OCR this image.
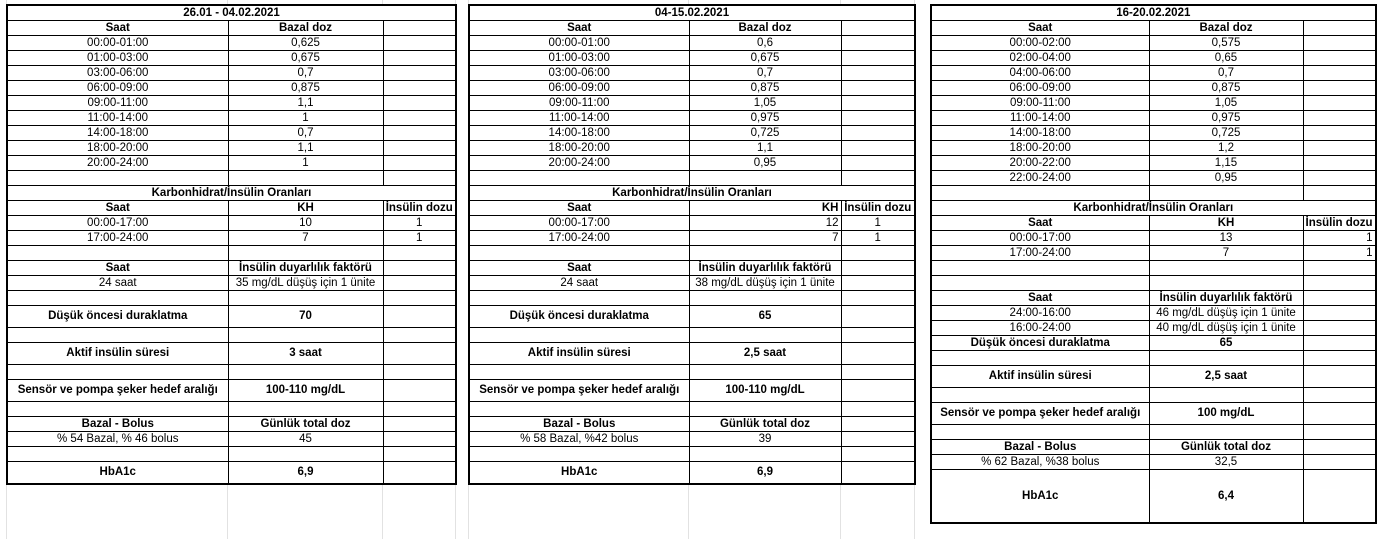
26.01 - 04.02.2021		
Saat	Bazal doz	
00:00-01:00	0,625	
01:00-03:00	0,675	
03:00-06:00	0,7	
06:00-09:00	0,875	
09:00-11:00	1,1	
11:00-14:00	1	
14:00-18:00	0,7	
18:00-20:00	1,1	
20:00-24:00	1	

Karbonhidrat/İnsülin Oranları		
Saat	KH	İnsülin dozu
00:00-17:00	10	1
17:00-24:00	7	1

Saat	İnsülin duyarlılık faktörü	
24 saat	35 mg/dL düşüş için 1 ünite	

Düşük öncesi duraklatma	70	

Aktif insülin süresi	3 saat	

Sensör ve pompa şeker hedef aralığı	100-110 mg/dL	

Bazal - Bolus	Günlük total doz	
% 54 Bazal, % 46 bolus	45	

HbA1c	6,9	
04-15.02.2021		
Saat	Bazal doz	
00:00-01:00	0,6	
01:00-03:00	0,675	
03:00-06:00	0,7	
06:00-09:00	0,875	
09:00-11:00	1,05	
11:00-14:00	0,975	
14:00-18:00	0,725	
18:00-20:00	1,1	
20:00-24:00	0,95	

Karbonhidrat/İnsülin Oranları		
Saat	KH	İnsülin dozu
00:00-17:00	12	1
17:00-24:00	7	1

Saat	İnsülin duyarlılık faktörü	
24 saat	38 mg/dL düşüş için 1 ünite	

Düşük öncesi duraklatma	65	

Aktif insülin süresi	2,5 saat	

Sensör ve pompa şeker hedef aralığı	100-110 mg/dL	

Bazal - Bolus	Günlük total doz	
% 58 Bazal, %42 bolus	39	

HbA1c	6,9	
16-20.02.2021		
Saat	Bazal doz	
00:00-02:00	0,575	
02:00-04:00	0,65	
04:00-06:00	0,7	
06:00-09:00	0,875	
09:00-11:00	1,05	
11:00-14:00	0,975	
14:00-18:00	0,725	
18:00-20:00	1,2	
20:00-22:00	1,15	
22:00-24:00	0,95	

Karbonhidrat/İnsülin Oranları		
Saat	KH	İnsülin dozu
00:00-17:00	13	1
17:00-24:00	7	1

Saat	İnsülin duyarlılık faktörü	
24:00-16:00	46 mg/dL düşüş için 1 ünite	
16:00-24:00	40 mg/dL düşüş için 1 ünite	
Düşük öncesi duraklatma	65	

Aktif insülin süresi	2,5 saat	

Sensör ve pompa şeker hedef aralığı	100 mg/dL	

Bazal - Bolus	Günlük total doz	
% 62 Bazal, %38 bolus	32,5	
HbA1c	6,4	
